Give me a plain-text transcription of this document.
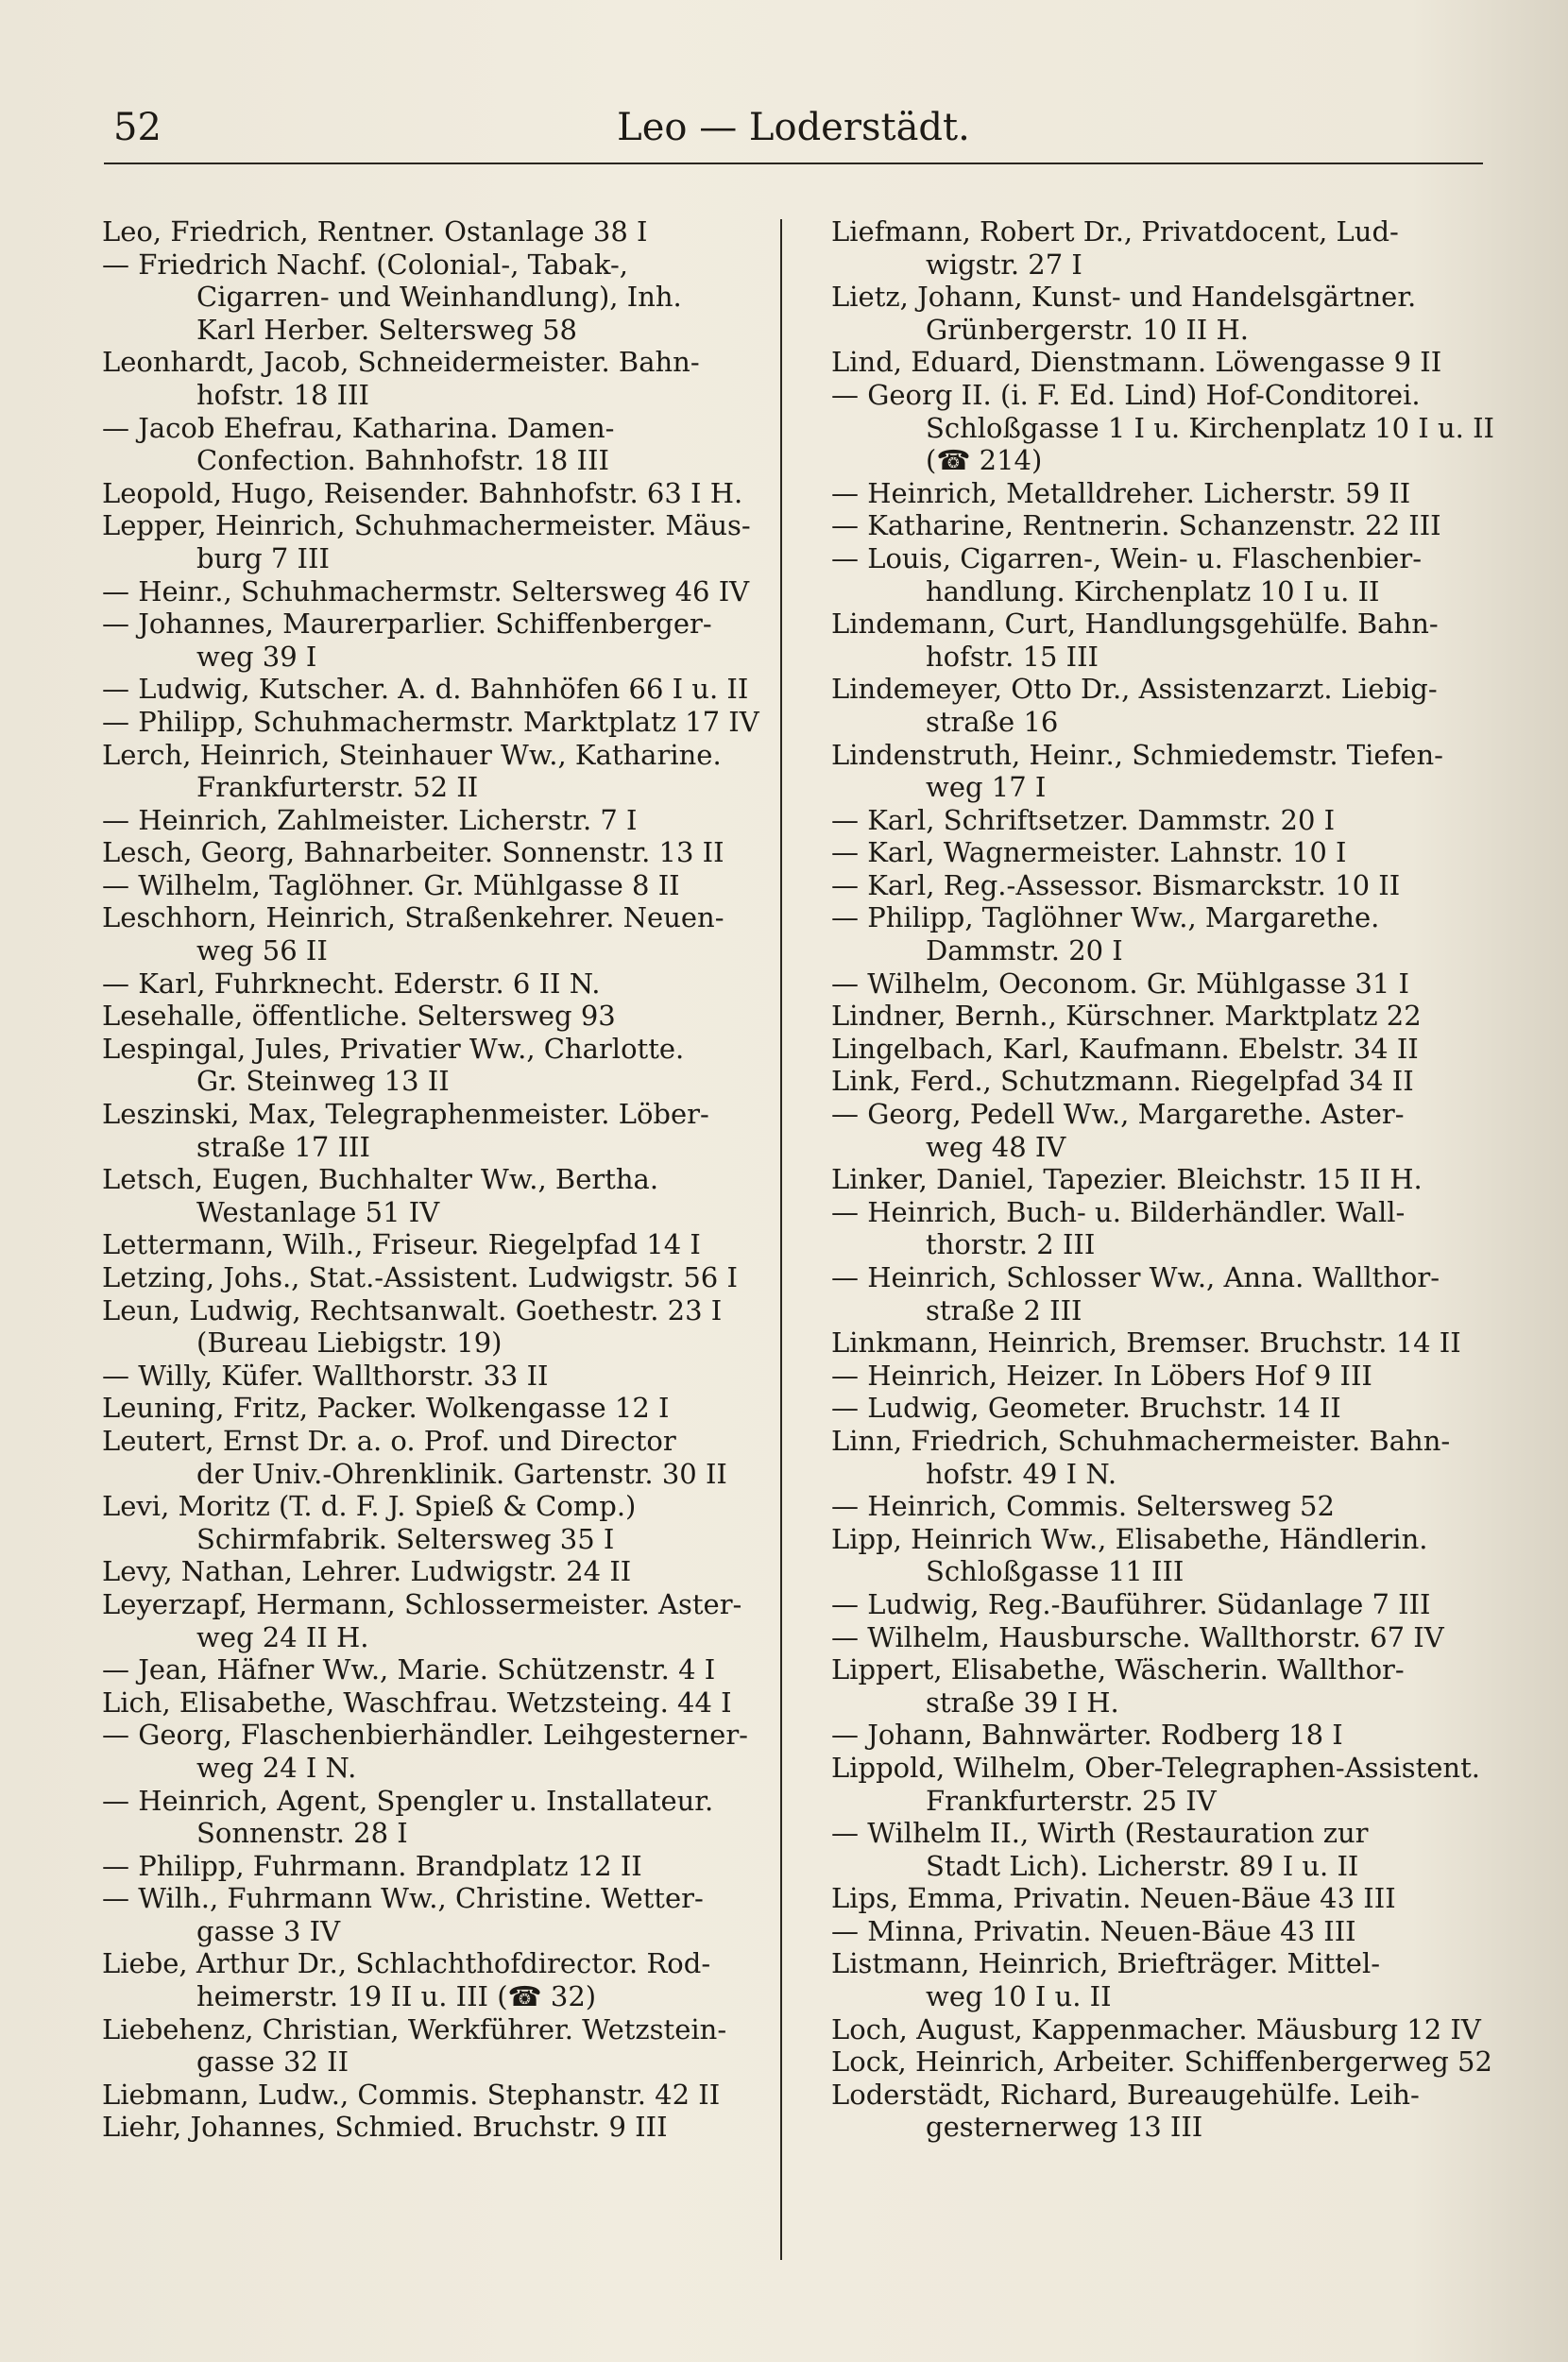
52	Leo — Loderstädt.
Leo, Friedrich, Rentner. Ostanlage 38 I
— Friedrich Nachf. (Colonial-, Tabak-,
Cigarren- und Weinhandlung), Inh.
Karl Herber. Seltersweg 58
Leonhardt, Jacob, Schneidermeister. Bahn-
hofstr. 18 III
— Jacob Ehefrau, Katharina. Damen-
Confection. Bahnhofstr. 18 III
Leopold, Hugo, Reisender. Bahnhofstr. 63 I H.
Lepper, Heinrich, Schuhmachermeister. Mäus-
burg 7 III
— Heinr., Schuhmachermstr. Seltersweg 46 IV
— Johannes, Maurerparlier. Schiffenberger-
weg 39 I
— Ludwig, Kutscher. A. d. Bahnhöfen 66 I u. II
— Philipp, Schuhmachermstr. Marktplatz 17 IV
Lerch, Heinrich, Steinhauer Ww., Katharine.
Frankfurterstr. 52 II
— Heinrich, Zahlmeister. Licherstr. 7 I
Lesch, Georg, Bahnarbeiter. Sonnenstr. 13 II
— Wilhelm, Taglöhner. Gr. Mühlgasse 8 II
Leschhorn, Heinrich, Straßenkehrer. Neuen-
weg 56 II
— Karl, Fuhrknecht. Ederstr. 6 II N.
Lesehalle, öffentliche. Seltersweg 93
Lespingal, Jules, Privatier Ww., Charlotte.
Gr. Steinweg 13 II
Leszinski, Max, Telegraphenmeister. Löber-
straße 17 III
Letsch, Eugen, Buchhalter Ww., Bertha.
Westanlage 51 IV
Lettermann, Wilh., Friseur. Riegelpfad 14 I
Letzing, Johs., Stat.-Assistent. Ludwigstr. 56 I
Leun, Ludwig, Rechtsanwalt. Goethestr. 23 I
(Bureau Liebigstr. 19)
— Willy, Küfer. Wallthorstr. 33 II
Leuning, Fritz, Packer. Wolkengasse 12 I
Leutert, Ernst Dr. a. o. Prof. und Director
der Univ.-Ohrenklinik. Gartenstr. 30 II
Levi, Moritz (T. d. F. J. Spieß & Comp.)
Schirmfabrik. Seltersweg 35 I
Levy, Nathan, Lehrer. Ludwigstr. 24 II
Leyerzapf, Hermann, Schlossermeister. Aster-
weg 24 II H.
— Jean, Häfner Ww., Marie. Schützenstr. 4 I
Lich, Elisabethe, Waschfrau. Wetzsteing. 44 I
— Georg, Flaschenbierhändler. Leihgesterner-
weg 24 I N.
— Heinrich, Agent, Spengler u. Installateur.
Sonnenstr. 28 I
— Philipp, Fuhrmann. Brandplatz 12 II
— Wilh., Fuhrmann Ww., Christine. Wetter-
gasse 3 IV
Liebe, Arthur Dr., Schlachthofdirector. Rod-
heimerstr. 19 II u. III (☎ 32)
Liebehenz, Christian, Werkführer. Wetzstein-
gasse 32 II
Liebmann, Ludw., Commis. Stephanstr. 42 II
Liehr, Johannes, Schmied. Bruchstr. 9 III
Liefmann, Robert Dr., Privatdocent, Lud-
wigstr. 27 I
Lietz, Johann, Kunst- und Handelsgärtner.
Grünbergerstr. 10 II H.
Lind, Eduard, Dienstmann. Löwengasse 9 II
— Georg II. (i. F. Ed. Lind) Hof-Conditorei.
Schloßgasse 1 I u. Kirchenplatz 10 I u. II
(☎ 214)
— Heinrich, Metalldreher. Licherstr. 59 II
— Katharine, Rentnerin. Schanzenstr. 22 III
— Louis, Cigarren-, Wein- u. Flaschenbier-
handlung. Kirchenplatz 10 I u. II
Lindemann, Curt, Handlungsgehülfe. Bahn-
hofstr. 15 III
Lindemeyer, Otto Dr., Assistenzarzt. Liebig-
straße 16
Lindenstruth, Heinr., Schmiedemstr. Tiefen-
weg 17 I
— Karl, Schriftsetzer. Dammstr. 20 I
— Karl, Wagnermeister. Lahnstr. 10 I
— Karl, Reg.-Assessor. Bismarckstr. 10 II
— Philipp, Taglöhner Ww., Margarethe.
Dammstr. 20 I
— Wilhelm, Oeconom. Gr. Mühlgasse 31 I
Lindner, Bernh., Kürschner. Marktplatz 22
Lingelbach, Karl, Kaufmann. Ebelstr. 34 II
Link, Ferd., Schutzmann. Riegelpfad 34 II
— Georg, Pedell Ww., Margarethe. Aster-
weg 48 IV
Linker, Daniel, Tapezier. Bleichstr. 15 II H.
— Heinrich, Buch- u. Bilderhändler. Wall-
thorstr. 2 III
— Heinrich, Schlosser Ww., Anna. Wallthor-
straße 2 III
Linkmann, Heinrich, Bremser. Bruchstr. 14 II
— Heinrich, Heizer. In Löbers Hof 9 III
— Ludwig, Geometer. Bruchstr. 14 II
Linn, Friedrich, Schuhmachermeister. Bahn-
hofstr. 49 I N.
— Heinrich, Commis. Seltersweg 52
Lipp, Heinrich Ww., Elisabethe, Händlerin.
Schloßgasse 11 III
— Ludwig, Reg.-Bauführer. Südanlage 7 III
— Wilhelm, Hausbursche. Wallthorstr. 67 IV
Lippert, Elisabethe, Wäscherin. Wallthor-
straße 39 I H.
— Johann, Bahnwärter. Rodberg 18 I
Lippold, Wilhelm, Ober-Telegraphen-Assistent.
Frankfurterstr. 25 IV
— Wilhelm II., Wirth (Restauration zur
Stadt Lich). Licherstr. 89 I u. II
Lips, Emma, Privatin. Neuen-Bäue 43 III
— Minna, Privatin. Neuen-Bäue 43 III
Listmann, Heinrich, Briefträger. Mittel-
weg 10 I u. II
Loch, August, Kappenmacher. Mäusburg 12 IV
Lock, Heinrich, Arbeiter. Schiffenbergerweg 52
Loderstädt, Richard, Bureaugehülfe. Leih-
gesternerweg 13 III
